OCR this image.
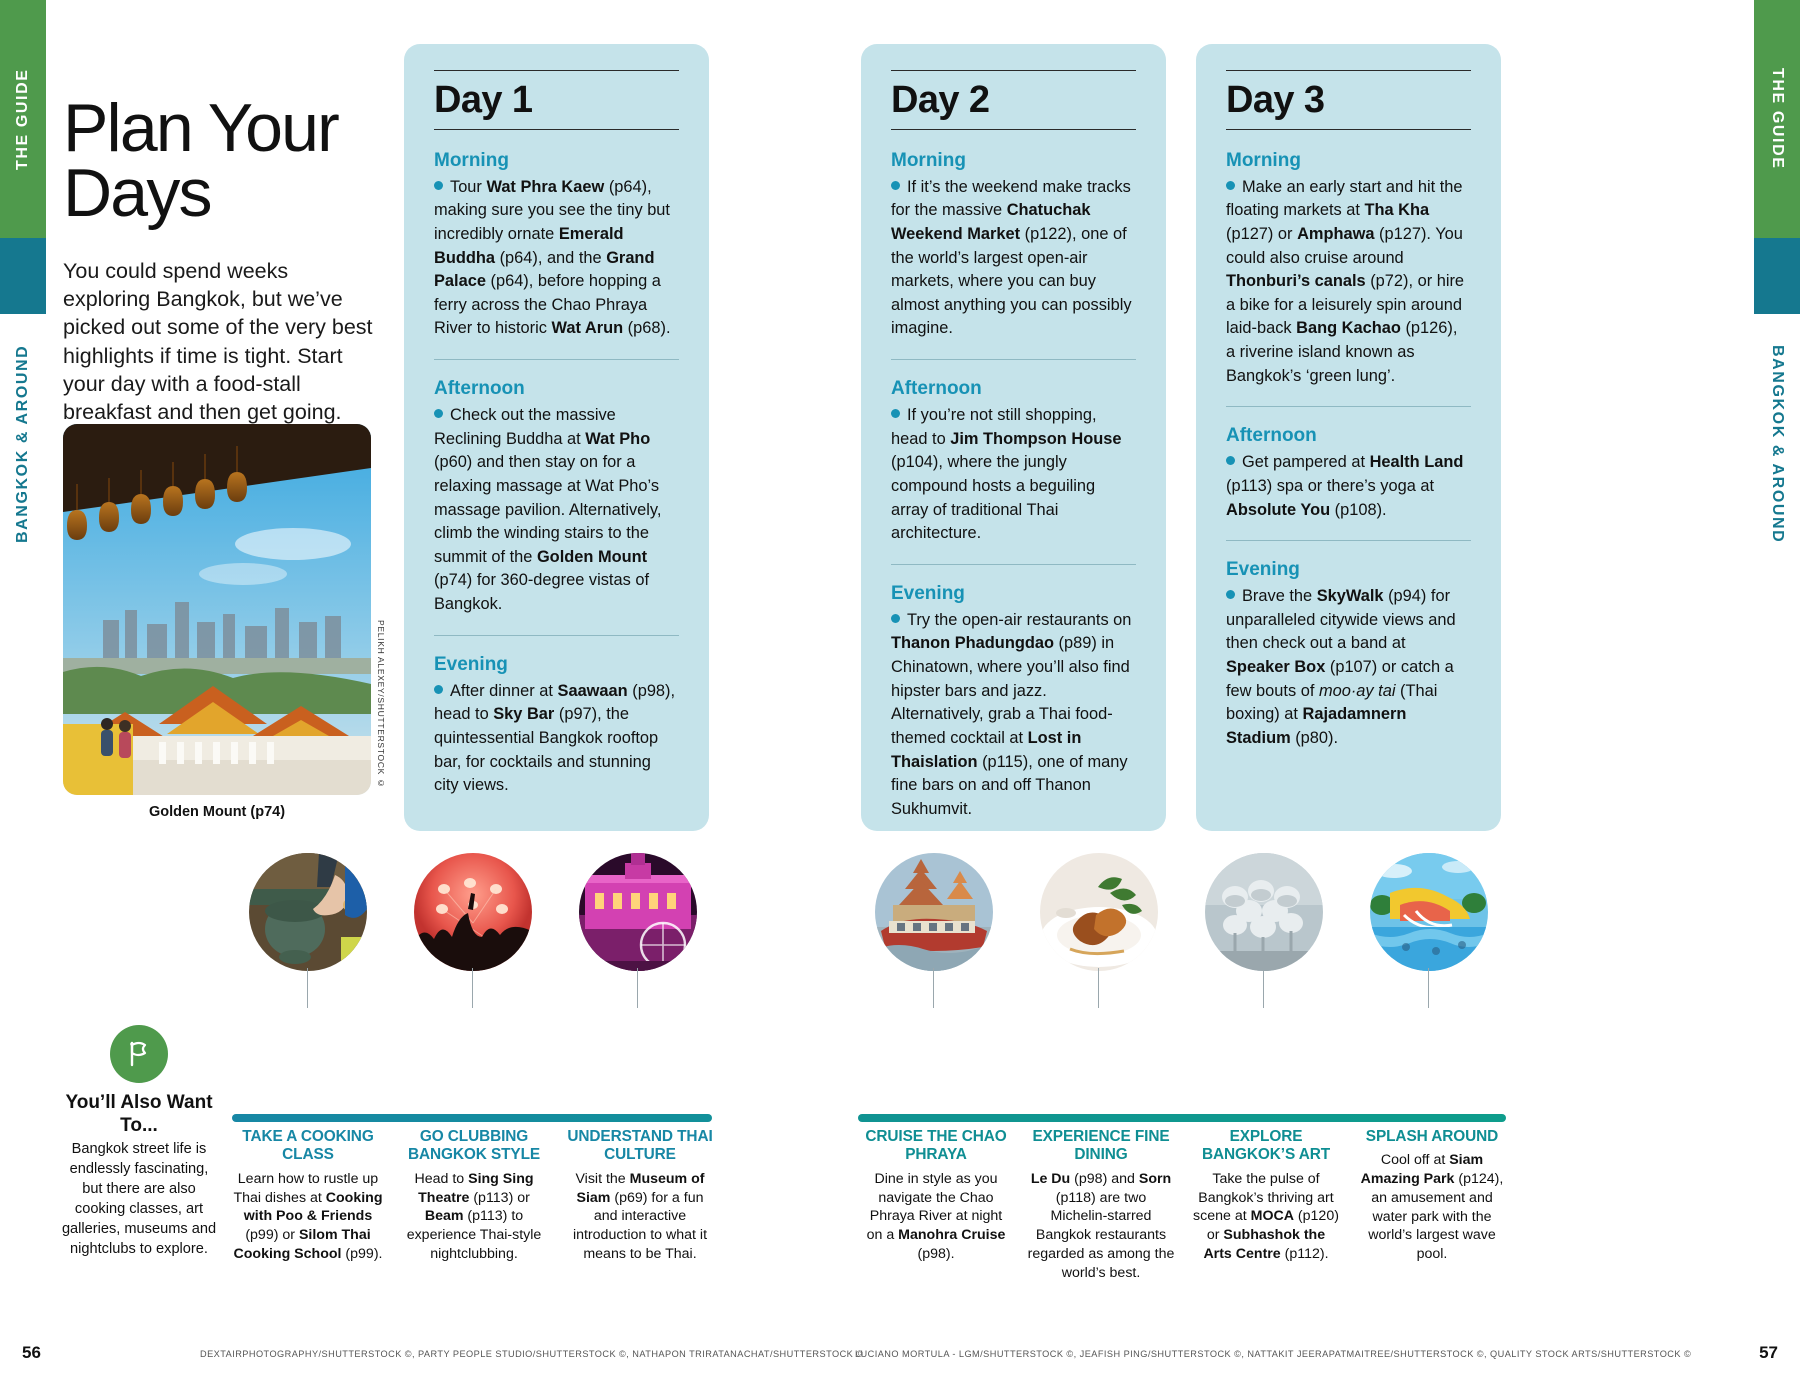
THE GUIDE
BANGKOK & AROUND
THE GUIDE
BANGKOK & AROUND
Plan Your
Days

You could spend weeks exploring Bangkok, but we’ve picked out some of the very best highlights if time is tight. Start your day with a food-stall breakfast and then get going.

Golden Mount (p74)
PELIKH ALEXEY/SHUTTERSTOCK ©
Day 1
Morning

Tour Wat Phra Kaew (p64), making sure you see the tiny but incredibly ornate Emerald Buddha (p64), and the Grand Palace (p64), before hopping a ferry across the Chao Phraya River to historic Wat Arun (p68).

Afternoon

Check out the massive Reclining Buddha at Wat Pho (p60) and then stay on for a relaxing massage at Wat Pho’s massage pavilion. Alternatively, climb the winding stairs to the summit of the Golden Mount (p74) for 360-degree vistas of Bangkok.

Evening

After dinner at Saawaan (p98), head to Sky Bar (p97), the quintessential Bangkok rooftop bar, for cocktails and stunning city views.

Day 2
Morning

If it’s the weekend make tracks for the massive Chatuchak Weekend Market (p122), one of the world’s largest open-air markets, where you can buy almost anything you can possibly imagine.

Afternoon

If you’re not still shopping, head to Jim Thompson House (p104), where the jungly compound hosts a beguiling array of traditional Thai architecture.

Evening

Try the open-air restaurants on Thanon Phadungdao (p89) in Chinatown, where you’ll also find hipster bars and jazz. Alternatively, grab a Thai food-themed cocktail at Lost in Thaislation (p115), one of many fine bars on and off Thanon Sukhumvit.

Day 3
Morning

Make an early start and hit the floating markets at Tha Kha (p127) or Amphawa (p127). You could also cruise around Thonburi’s canals (p72), or hire a bike for a leisurely spin around laid-back Bang Kachao (p126), a riverine island known as Bangkok’s ‘green lung’.

Afternoon

Get pampered at Health Land (p113) spa or there’s yoga at Absolute You (p108).

Evening

Brave the SkyWalk (p94) for unparalleled citywide views and then check out a band at Speaker Box (p107) or catch a few bouts of moo·ay tai (Thai boxing) at Rajadamnern Stadium (p80).

You’ll Also Want To...
Bangkok street life is endlessly fascinating, but there are also cooking classes, art galleries, museums and nightclubs to explore.
TAKE A COOKING CLASS

Learn how to rustle up Thai dishes at Cooking with Poo & Friends (p99) or Silom Thai Cooking School (p99).

GO CLUBBING BANGKOK STYLE

Head to Sing Sing Theatre (p113) or Beam (p113) to experience Thai-style nightclubbing.

UNDERSTAND THAI CULTURE

Visit the Museum of Siam (p69) for a fun and interactive introduction to what it means to be Thai.

CRUISE THE CHAO PHRAYA

Dine in style as you navigate the Chao Phraya River at night on a Manohra Cruise (p98).

EXPERIENCE FINE DINING

Le Du (p98) and Sorn (p118) are two Michelin-starred Bangkok restaurants regarded as among the world’s best.

EXPLORE BANGKOK’S ART

Take the pulse of Bangkok’s thriving art scene at MOCA (p120) or Subhashok the Arts Centre (p112).

SPLASH AROUND

Cool off at Siam Amazing Park (p124), an amusement and water park with the world’s largest wave pool.

56	57
DEXTAIRPHOTOGRAPHY/SHUTTERSTOCK ©, PARTY PEOPLE STUDIO/SHUTTERSTOCK ©, NATHAPON TRIRATANACHAT/SHUTTERSTOCK ©
LUCIANO MORTULA - LGM/SHUTTERSTOCK ©, JEAFISH PING/SHUTTERSTOCK ©, NATTAKIT JEERAPATMAITREE/SHUTTERSTOCK ©, QUALITY STOCK ARTS/SHUTTERSTOCK ©
